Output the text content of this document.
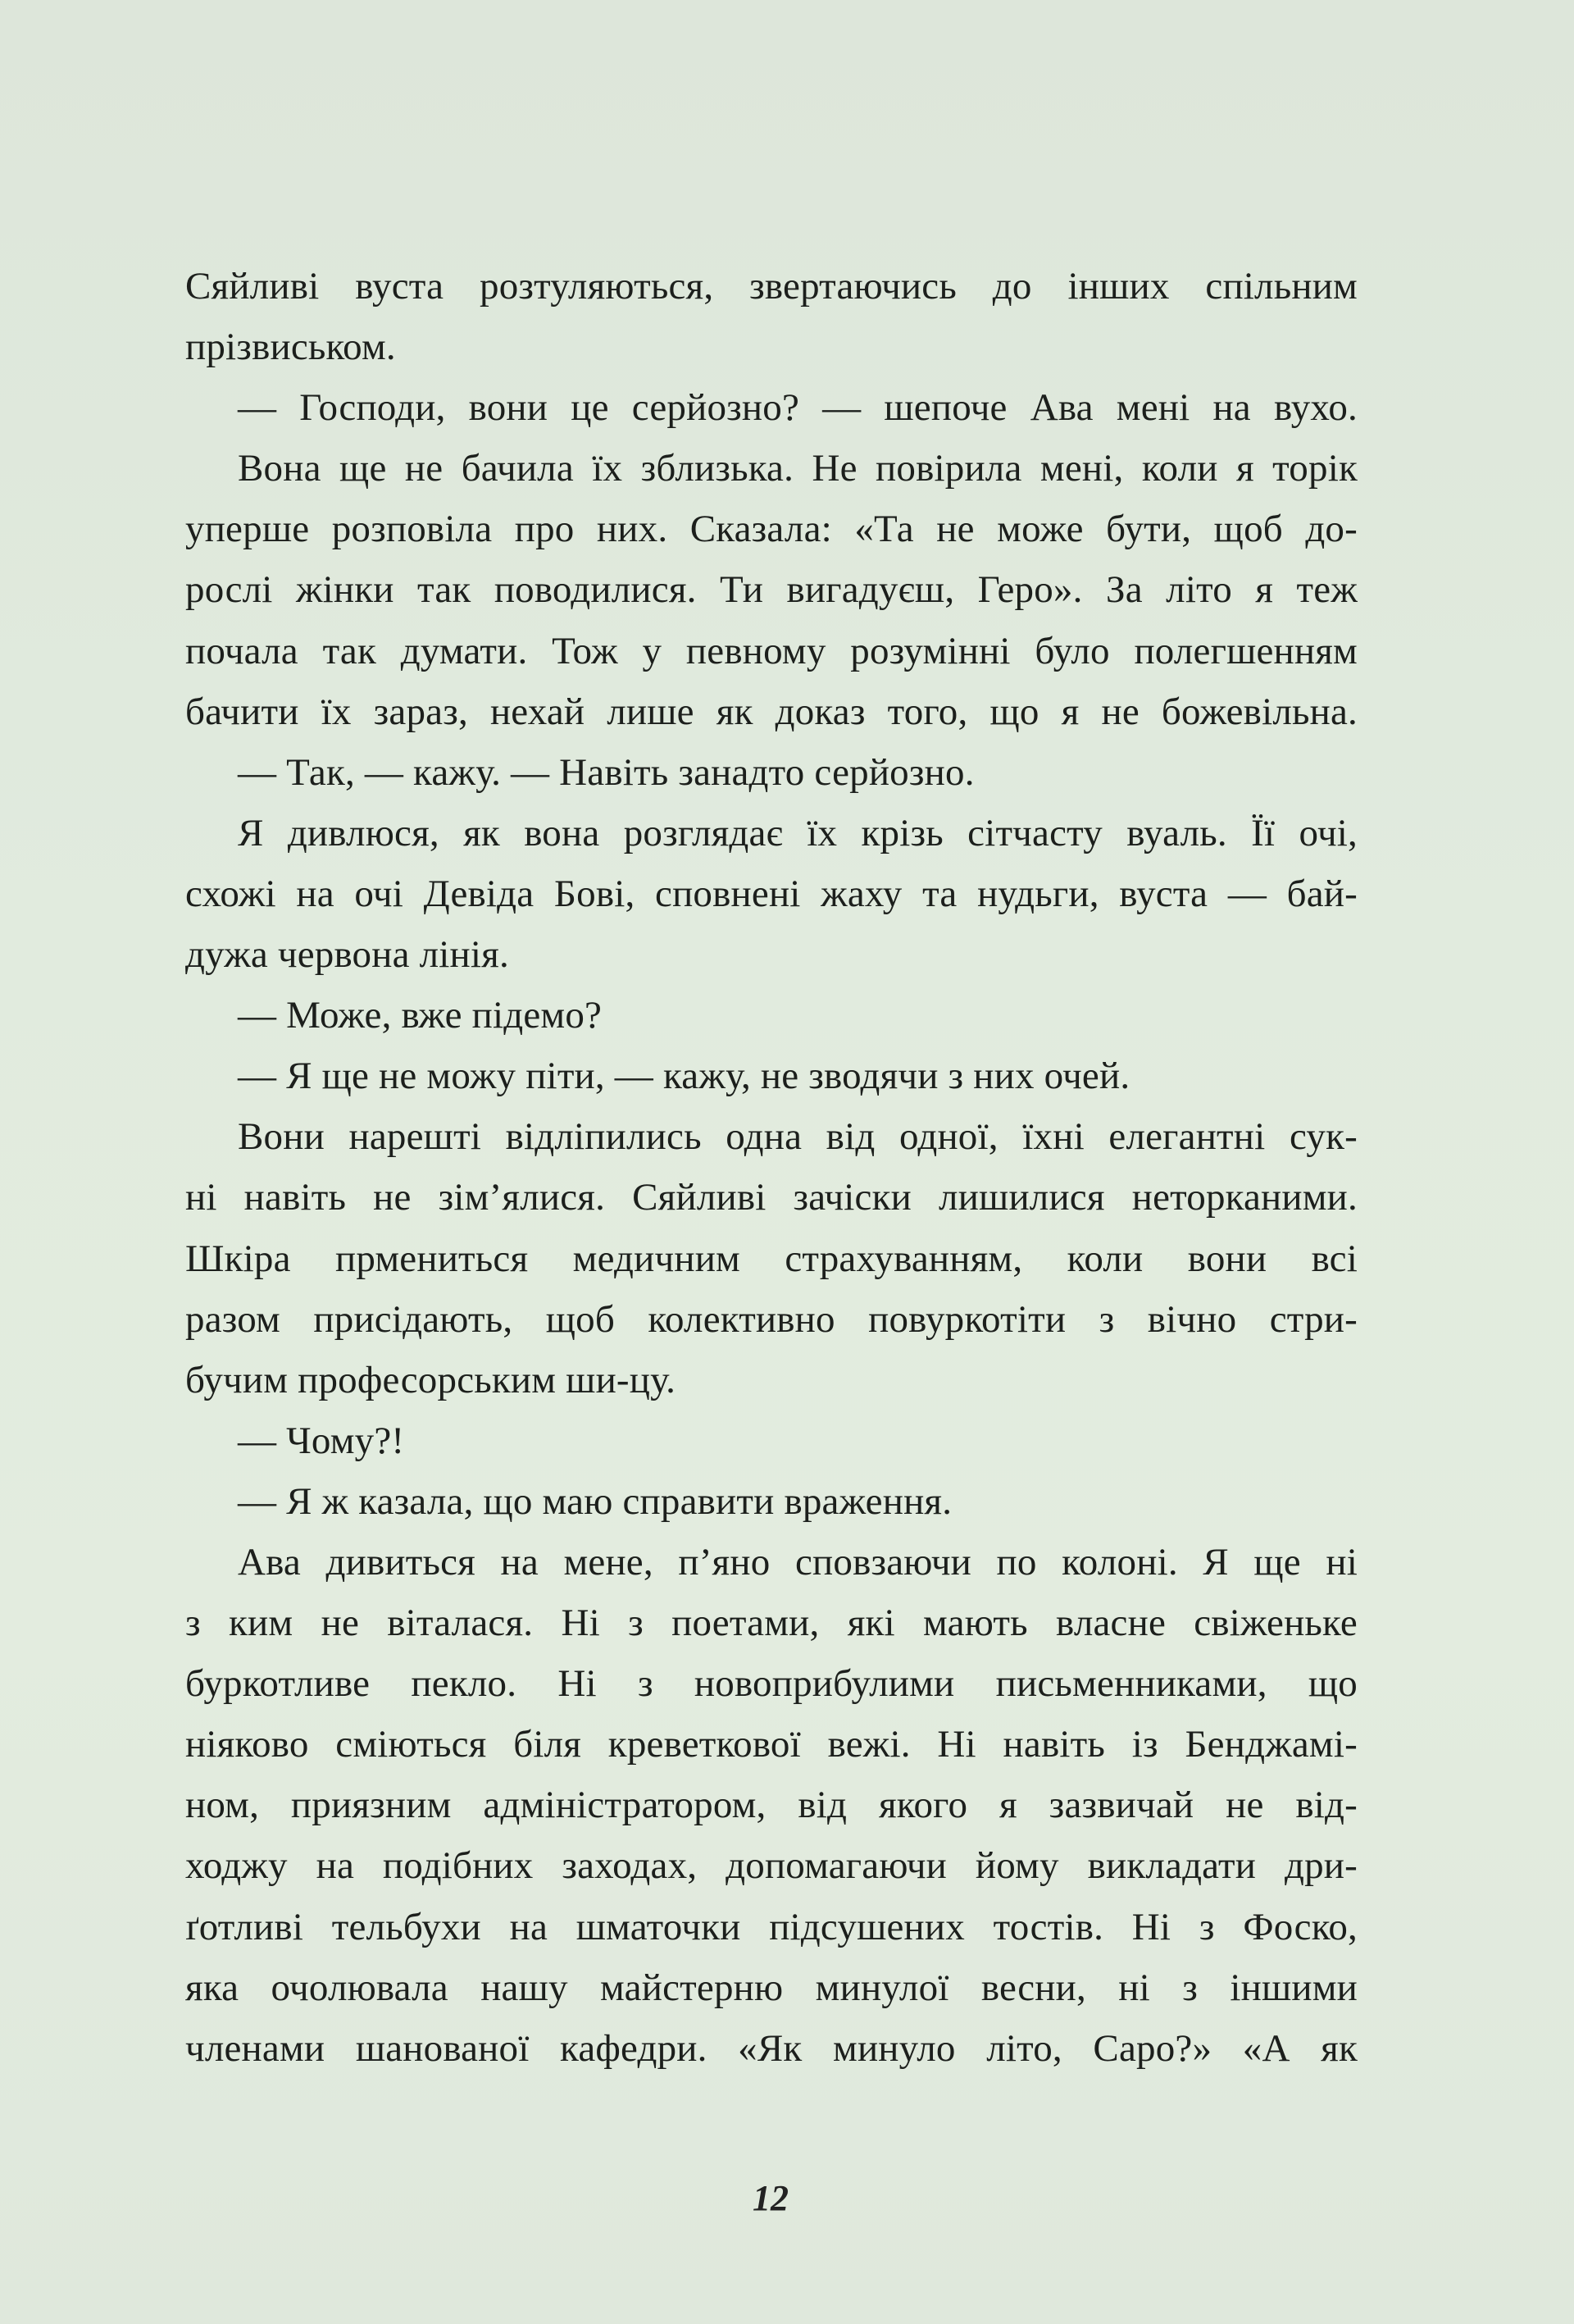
Сяйливі вуста розтуляються, звертаючись до інших спільним
прізвиськом.
— Господи, вони це серйозно? — шепоче Ава мені на вухо.
Вона ще не бачила їх зблизька. Не повірила мені, коли я торік
уперше розповіла про них. Сказала: «Та не може бути, щоб до-
рослі жінки так поводилися. Ти вигадуєш, Геро». За літо я теж
почала так думати. Тож у певному розумінні було полегшенням
бачити їх зараз, нехай лише як доказ того, що я не божевільна.
— Так, — кажу. — Навіть занадто серйозно.
Я дивлюся, як вона розглядає їх крізь сітчасту вуаль. Її очі,
схожі на очі Девіда Бові, сповнені жаху та нудьги, вуста — бай-
дужа червона лінія.
— Може, вже підемо?
— Я ще не можу піти, — кажу, не зводячи з них очей.
Вони нарешті відліпились одна від одної, їхні елегантні сук-
ні навіть не зім’ялися. Сяйливі зачіски лишилися неторканими.
Шкіра прмениться медичним страхуванням, коли вони всі
разом присідають, щоб колективно повуркотіти з вічно стри-
бучим професорським ши-цу.
— Чому?!
— Я ж казала, що маю справити враження.
Ава дивиться на мене, п’яно сповзаючи по колоні. Я ще ні
з ким не віталася. Ні з поетами, які мають власне свіженьке
буркотливе пекло. Ні з новоприбулими письменниками, що
ніяково сміються біля креветкової вежі. Ні навіть із Бенджамі-
ном, приязним адміністратором, від якого я зазвичай не від-
ходжу на подібних заходах, допомагаючи йому викладати дри-
ґотливі тельбухи на шматочки підсушених тостів. Ні з Фоско,
яка очолювала нашу майстерню минулої весни, ні з іншими
членами шанованої кафедри. «Як минуло літо, Саро?» «А як
12
